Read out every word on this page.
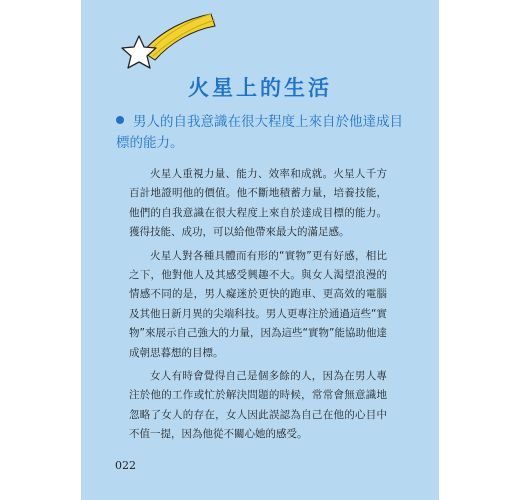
火星上的生活
男人的自我意識在很大程度上來自於他達成目標的能力。

火星人重視力量、能力、效率和成就。火星人千方百計地證明他的價值。他不斷地積蓄力量，培養技能，他們的自我意識在很大程度上來自於達成目標的能力。獲得技能、成功，可以給他帶來最大的滿足感。

火星人對各種具體而有形的“實物”更有好感，相比之下，他對他人及其感受興趣不大。與女人渴望浪漫的情感不同的是，男人癡迷於更快的跑車、更高效的電腦及其他日新月異的尖端科技。男人更專注於通過這些“實物”來展示自己強大的力量，因為這些“實物”能協助他達成朝思暮想的目標。

女人有時會覺得自己是個多餘的人，因為在男人專注於他的工作或忙於解決問題的時候，常常會無意識地忽略了女人的存在，女人因此誤認為自己在他的心目中不值一提，因為他從不關心她的感受。

022
